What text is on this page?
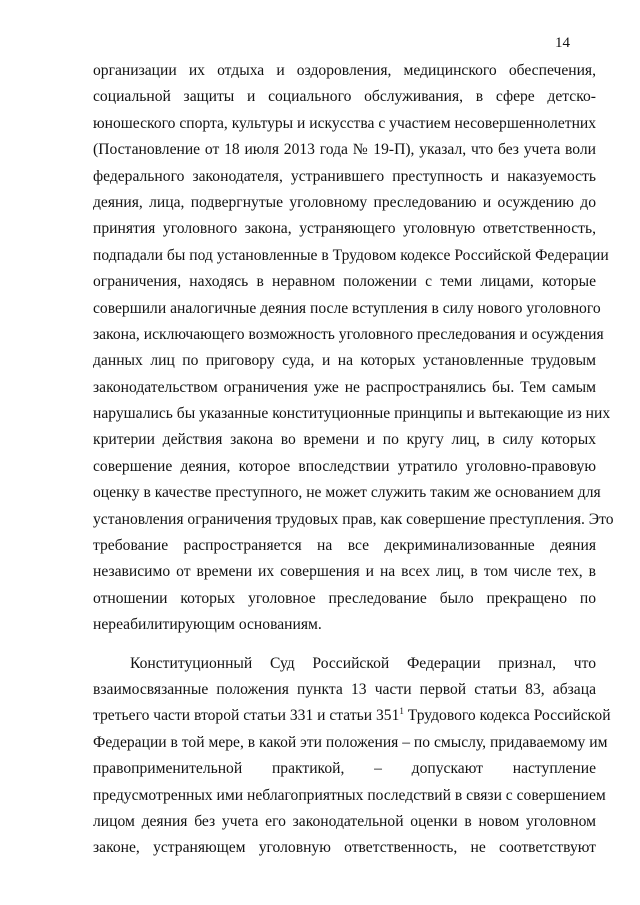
14
организации их отдыха и оздоровления, медицинского обеспечения,
социальной защиты и социального обслуживания, в сфере детско-
юношеского спорта, культуры и искусства с участием несовершеннолетних
(Постановление от 18 июля 2013 года № 19-П), указал, что без учета воли
федерального законодателя, устранившего преступность и наказуемость
деяния, лица, подвергнутые уголовному преследованию и осуждению до
принятия уголовного закона, устраняющего уголовную ответственность,
подпадали бы под установленные в Трудовом кодексе Российской Федерации
ограничения, находясь в неравном положении с теми лицами, которые
совершили аналогичные деяния после вступления в силу нового уголовного
закона, исключающего возможность уголовного преследования и осуждения
данных лиц по приговору суда, и на которых установленные трудовым
законодательством ограничения уже не распространялись бы. Тем самым
нарушались бы указанные конституционные принципы и вытекающие из них
критерии действия закона во времени и по кругу лиц, в силу которых
совершение деяния, которое впоследствии утратило уголовно-правовую
оценку в качестве преступного, не может служить таким же основанием для
установления ограничения трудовых прав, как совершение преступления. Это
требование распространяется на все декриминализованные деяния
независимо от времени их совершения и на всех лиц, в том числе тех, в
отношении которых уголовное преследование было прекращено по
нереабилитирующим основаниям.
Конституционный Суд Российской Федерации признал, что
взаимосвязанные положения пункта 13 части первой статьи 83, абзаца
третьего части второй статьи 331 и статьи $351^1$ Трудового кодекса Российской
Федерации в той мере, в какой эти положения – по смыслу, придаваемому им
правоприменительной практикой, – допускают наступление
предусмотренных ими неблагоприятных последствий в связи с совершением
лицом деяния без учета его законодательной оценки в новом уголовном
законе, устраняющем уголовную ответственность, не соответствуют
